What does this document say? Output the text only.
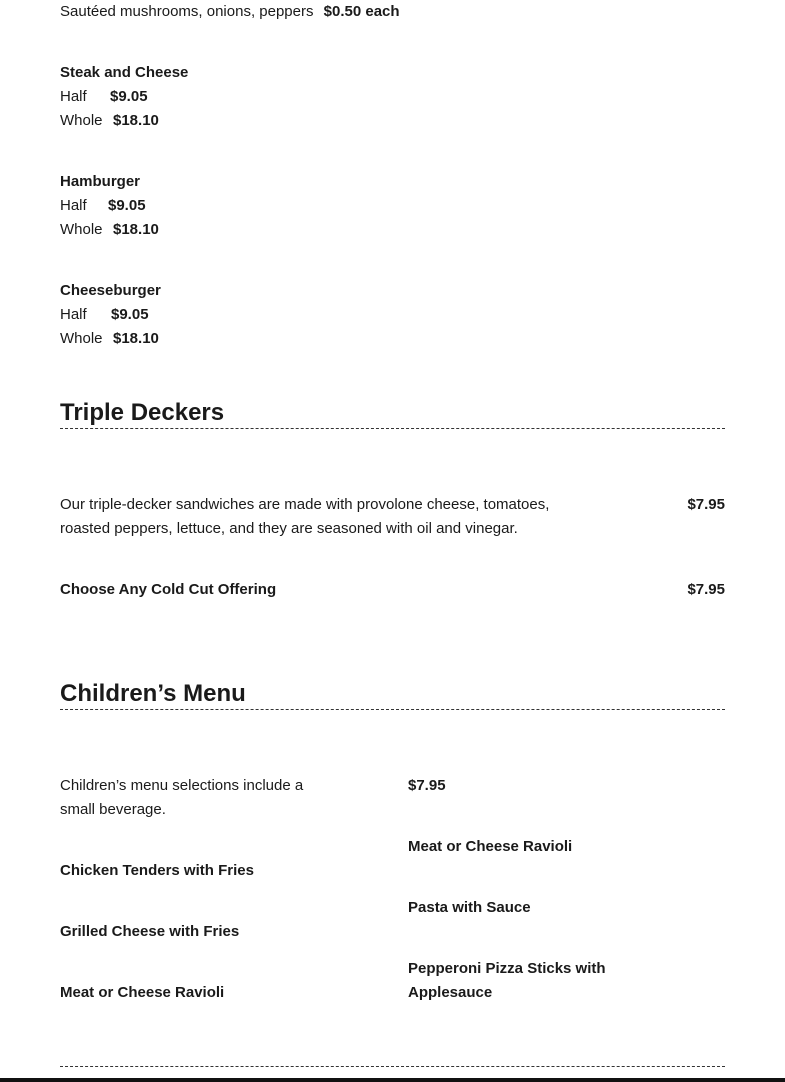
Sautéed mushrooms, onions, peppers $0.50 each
Steak and Cheese
Half	$9.05
Whole $18.10
Hamburger
Half	$9.05
Whole $18.10
Cheeseburger
Half	$9.05
Whole $18.10
Triple Deckers
Our triple-decker sandwiches are made with provolone cheese, tomatoes, roasted peppers, lettuce, and they are seasoned with oil and vinegar.
$7.95
Choose Any Cold Cut Offering	$7.95
Children’s Menu
Children’s menu selections include a small beverage.
$7.95
Chicken Tenders with Fries
Grilled Cheese with Fries
Meat or Cheese Ravioli
Meat or Cheese Ravioli
Pasta with Sauce
Pepperoni Pizza Sticks with Applesauce
